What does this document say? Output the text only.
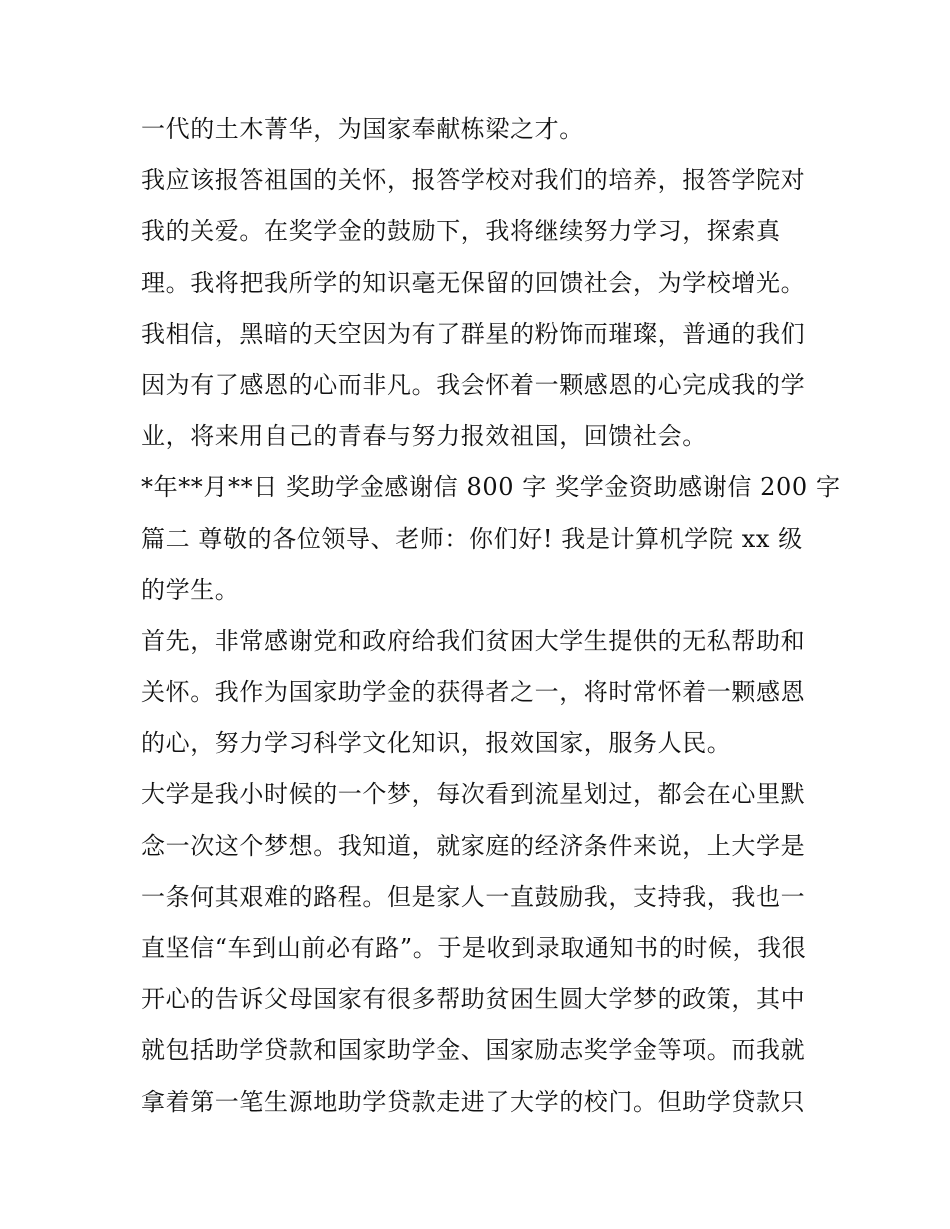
一代的土木菁华，为国家奉献栋梁之才。
我应该报答祖国的关怀，报答学校对我们的培养，报答学院对
我的关爱。在奖学金的鼓励下，我将继续努力学习，探索真
理。我将把我所学的知识毫无保留的回馈社会，为学校增光。
我相信，黑暗的天空因为有了群星的粉饰而璀璨，普通的我们
因为有了感恩的心而非凡。我会怀着一颗感恩的心完成我的学
业，将来用自己的青春与努力报效祖国，回馈社会。
*年**月**日 奖助学金感谢信 800 字 奖学金资助感谢信 200 字
篇二 尊敬的各位领导、老师：你们好! 我是计算机学院 xx 级
的学生。
首先，非常感谢党和政府给我们贫困大学生提供的无私帮助和
关怀。我作为国家助学金的获得者之一，将时常怀着一颗感恩
的心，努力学习科学文化知识，报效国家，服务人民。
大学是我小时候的一个梦，每次看到流星划过，都会在心里默
念一次这个梦想。我知道，就家庭的经济条件来说，上大学是
一条何其艰难的路程。但是家人一直鼓励我，支持我，我也一
直坚信“车到山前必有路”。于是收到录取通知书的时候，我很
开心的告诉父母国家有很多帮助贫困生圆大学梦的政策，其中
就包括助学贷款和国家助学金、国家励志奖学金等项。而我就
拿着第一笔生源地助学贷款走进了大学的校门。但助学贷款只
